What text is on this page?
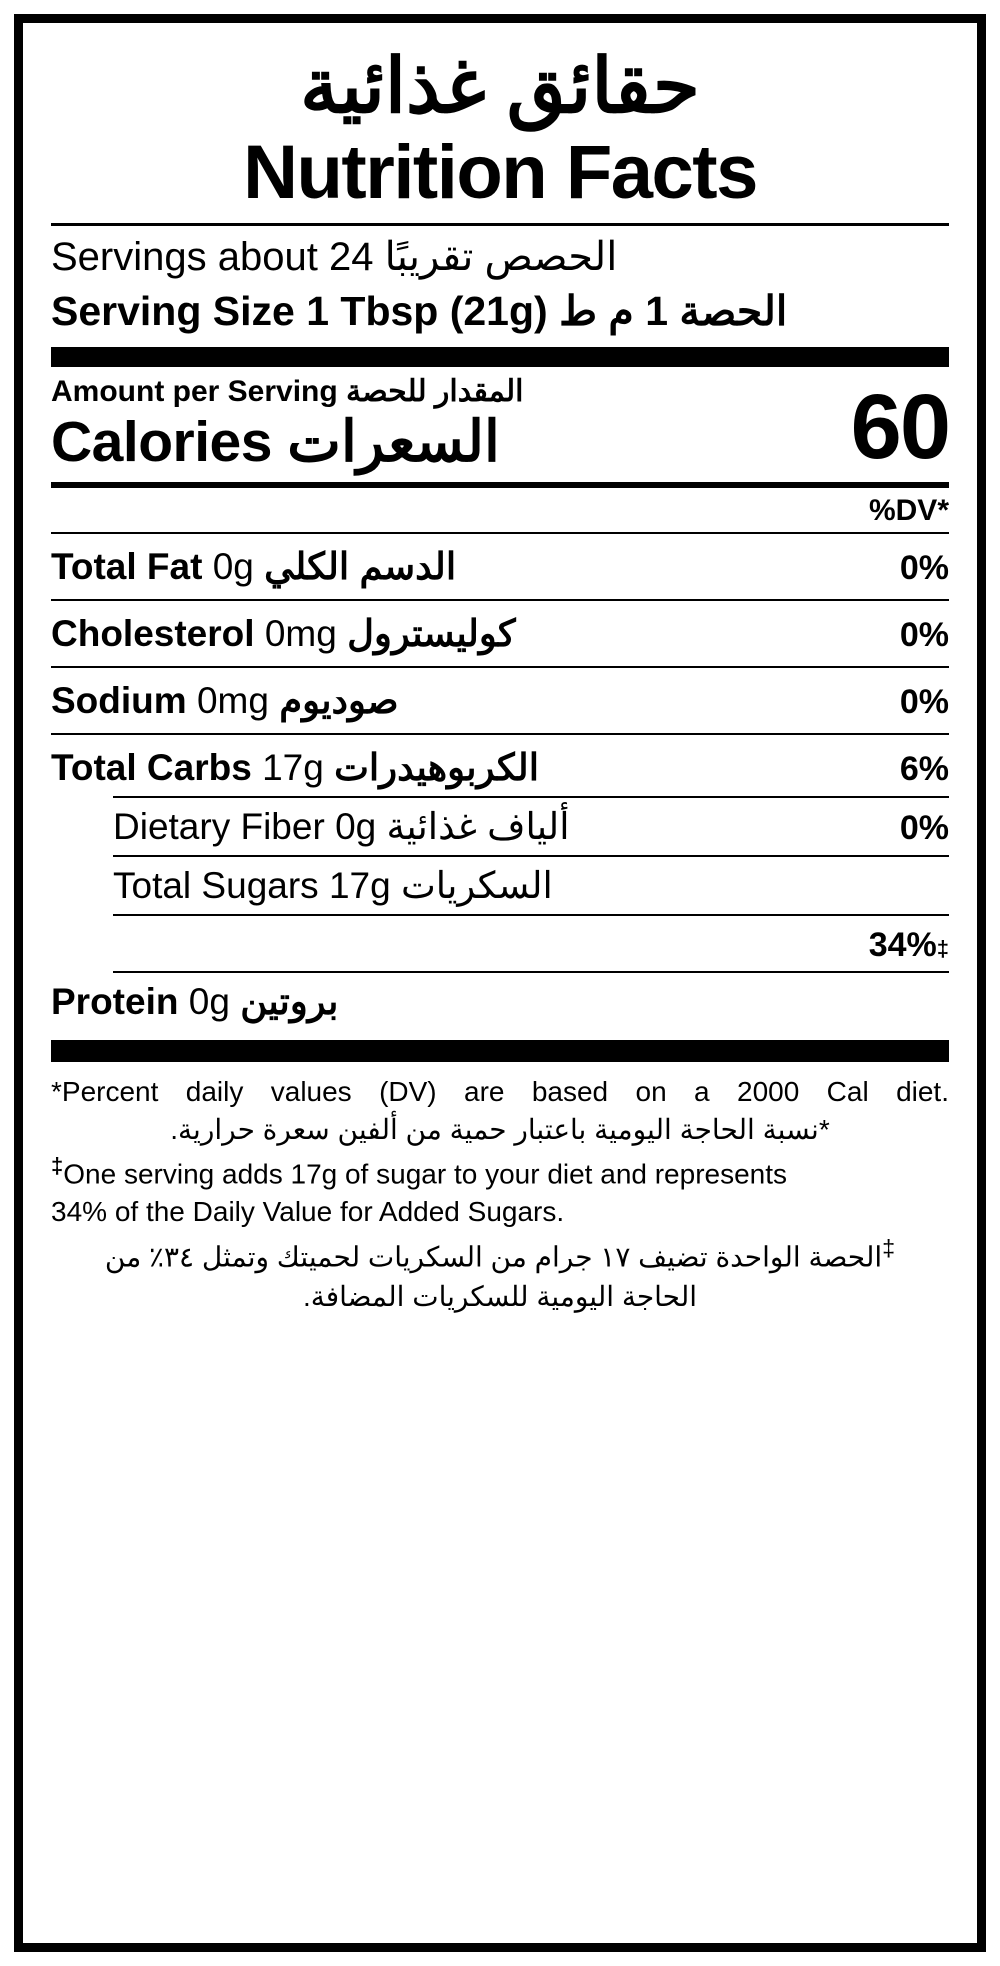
حقائق غذائية
Nutrition Facts
Servings about 24 الحصص تقريبًا
Serving Size 1 Tbsp (21g) الحصة 1 م ط
Amount per Serving المقدار للحصة
Calories السعرات	60
%DV*
Total Fat 0g الدسم الكلي	0%
Cholesterol 0mg كوليسترول	0%
Sodium 0mg صوديوم	0%
Total Carbs 17g الكربوهيدرات	6%
Dietary Fiber 0g ألياف غذائية	0%
Total Sugars 17g السكريات
34% ‡
Protein 0g بروتين
*Percent daily values (DV) are based on a 2000 Cal diet.
*نسبة الحاجة اليومية باعتبار حمية من ألفين سعرة حرارية.
‡One serving adds 17g of sugar to your diet and represents
34% of the Daily Value for Added Sugars.
‡الحصة الواحدة تضيف ١٧ جرام من السكريات لحميتك وتمثل ٣٤٪ من
الحاجة اليومية للسكريات المضافة.
